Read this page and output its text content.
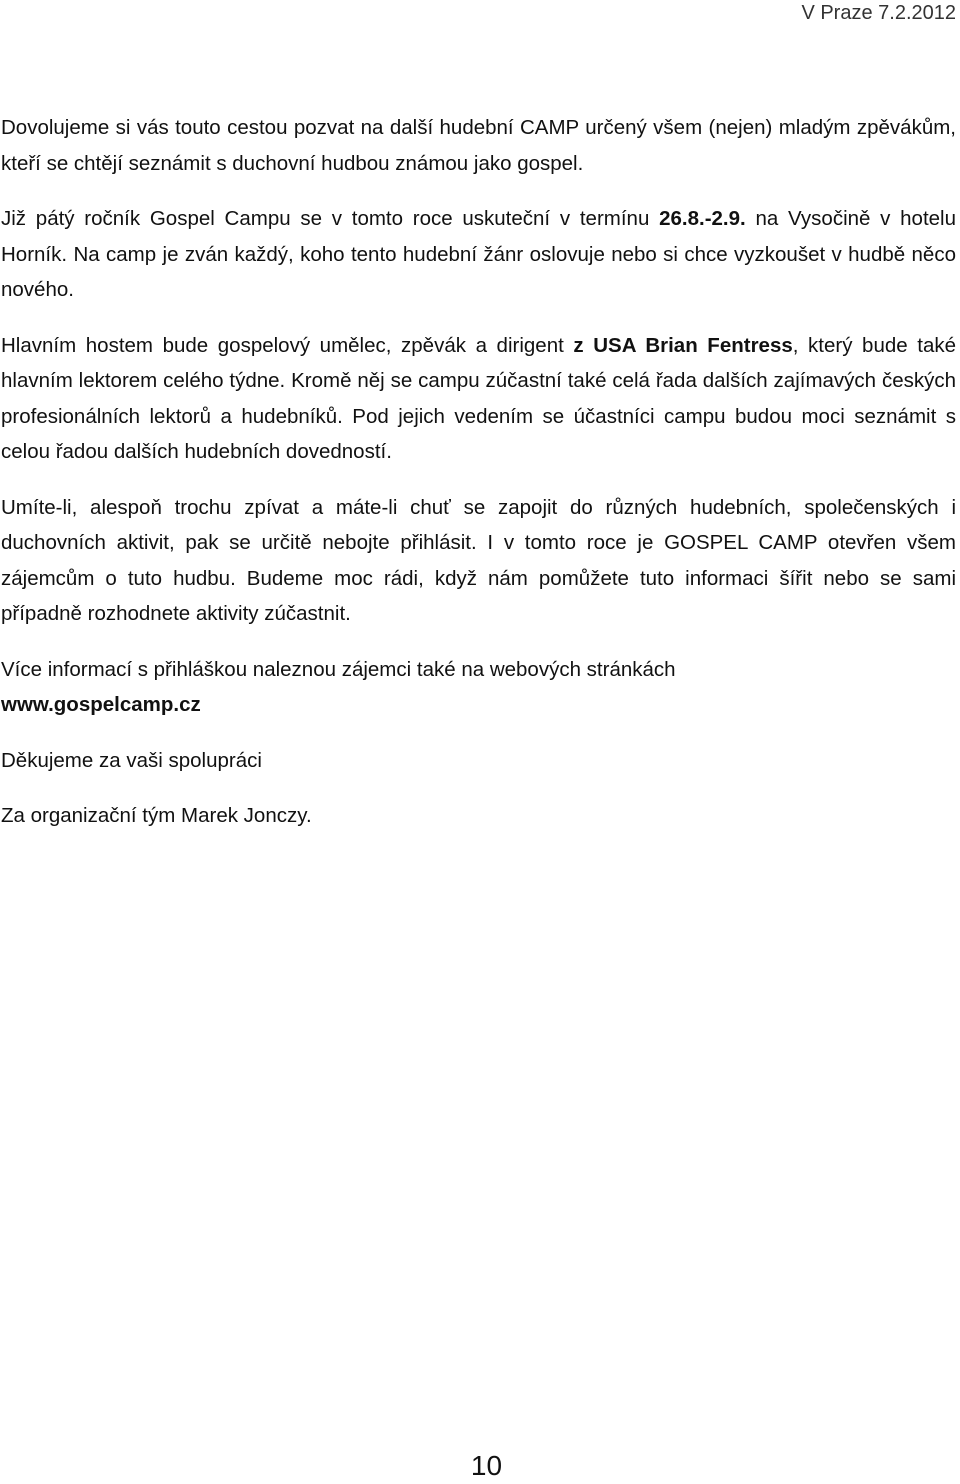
V Praze 7.2.2012

Dovolujeme si vás touto cestou pozvat na další hudební CAMP určený všem (nejen) mladým zpěvákům, kteří se chtějí seznámit s duchovní hudbou známou jako gospel.

Již pátý ročník Gospel Campu se v tomto roce uskuteční v termínu 26.8.-2.9. na Vysočině v hotelu Horník. Na camp je zván každý, koho tento hudební žánr oslovuje nebo si chce vyzkoušet v hudbě něco nového.

Hlavním hostem bude gospelový umělec, zpěvák a dirigent z USA Brian Fentress, který bude také hlavním lektorem celého týdne. Kromě něj se campu zúčastní také celá řada dalších zajímavých českých profesionálních lektorů a hudebníků. Pod jejich vedením se účastníci campu budou moci seznámit s celou řadou dalších hudebních dovedností.

Umíte-li, alespoň trochu zpívat a máte-li chuť se zapojit do různých hudebních, společenských i duchovních aktivit, pak se určitě nebojte přihlásit. I v tomto roce je GOSPEL CAMP otevřen všem zájemcům o tuto hudbu. Budeme moc rádi, když nám pomůžete tuto informaci šířit nebo se sami případně rozhodnete aktivity zúčastnit.

Více informací s přihláškou naleznou zájemci také na webových stránkách
www.gospelcamp.cz

Děkujeme za vaši spolupráci

Za organizační tým Marek Jonczy.

10
